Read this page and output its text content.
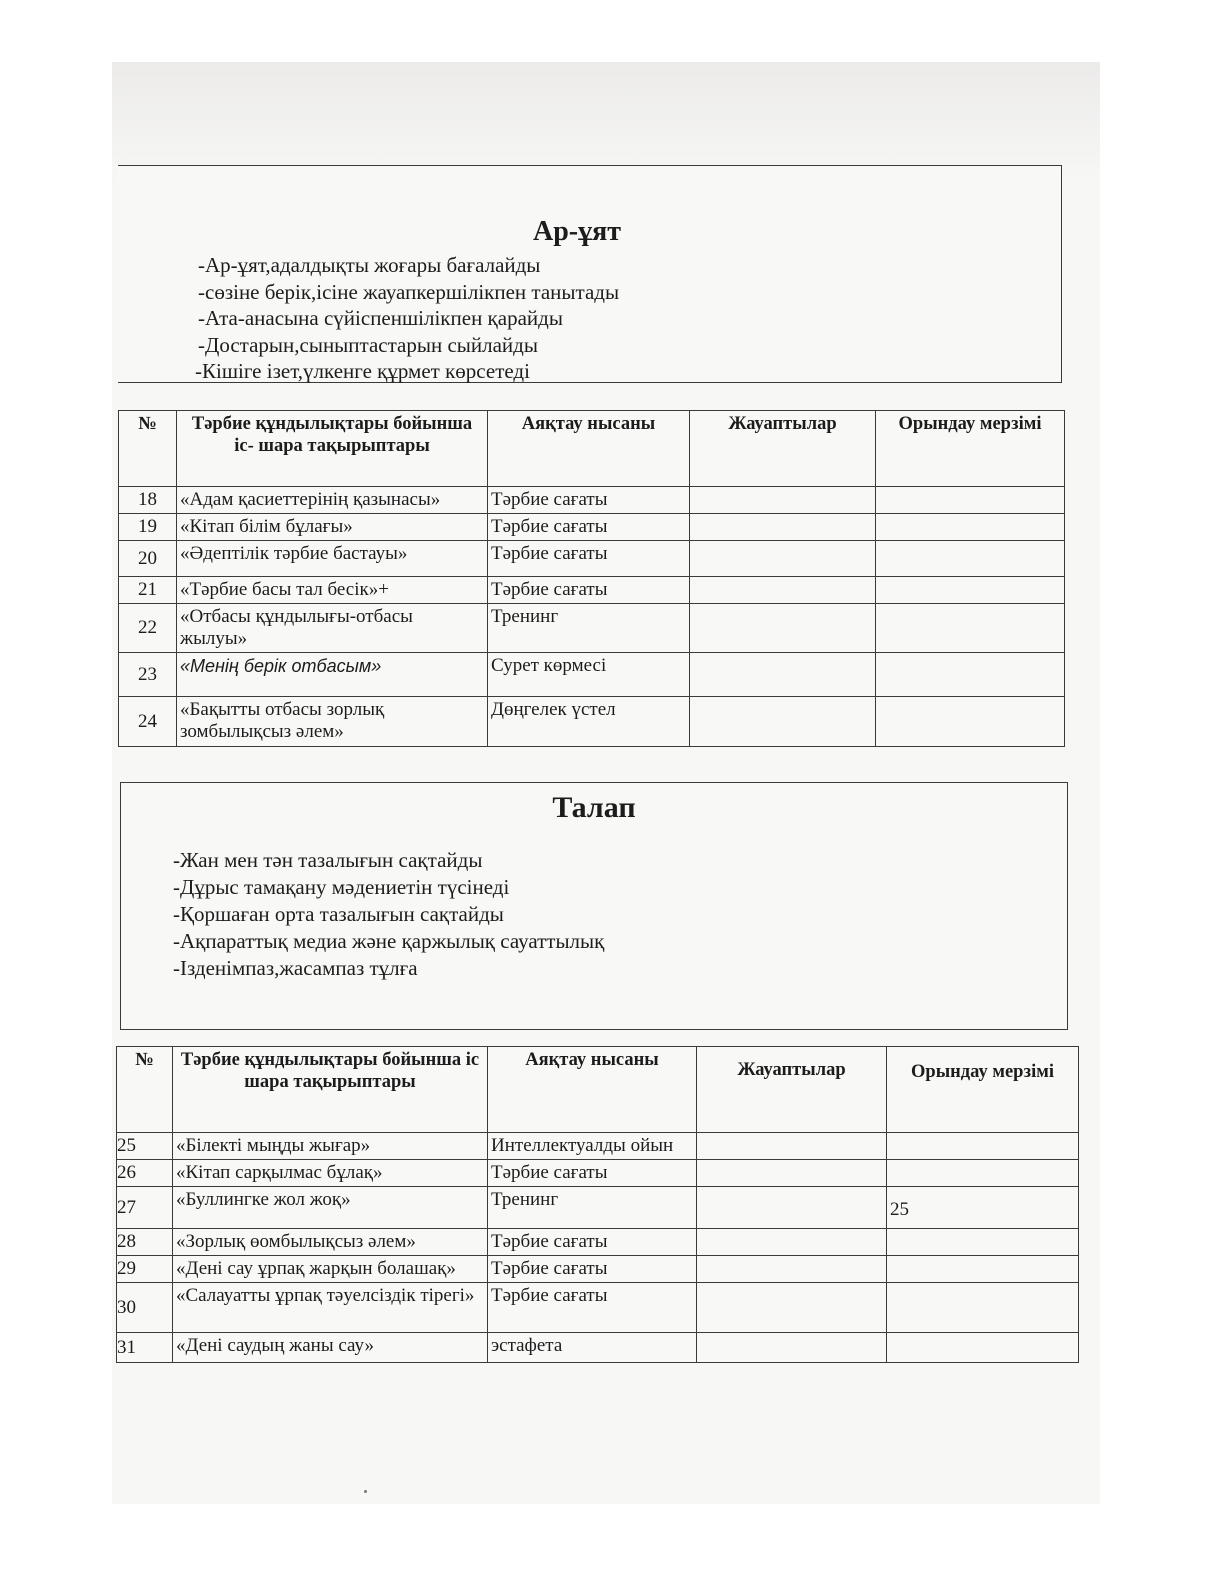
Ар-ұят
-Ар-ұят,адалдықты жоғары бағалайды
-сөзіне берік,ісіне жауапкершілікпен танытады
-Ата-анасына сүйіспеншілікпен қарайды
-Достарын,сыныптастарын сыйлайды
-Кішіге ізет,үлкенге құрмет көрсетеді
№	Тәрбие құндылықтары бойынша іс- шара тақырыптары	Аяқтау нысаны	Жауаптылар	Орындау мерзімі
18	«Адам қасиеттерінің қазынасы»	Тәрбие сағаты		
19	«Кітап білім бұлағы»	Тәрбие сағаты		
20	«Әдептілік тәрбие бастауы»	Тәрбие сағаты		
21	«Тәрбие басы тал бесік»+	Тәрбие сағаты		
22	«Отбасы құндылығы-отбасы жылуы»	Тренинг		
23	«Менің берік отбасым»	Сурет көрмесі		
24	«Бақытты отбасы зорлық зомбылықсыз әлем»	Дөңгелек үстел		
Талап
-Жан мен тән тазалығын сақтайды
-Дұрыс тамақану мәдениетін түсінеді
-Қоршаған орта тазалығын сақтайды
-Ақпараттық медиа және қаржылық сауаттылық
-Ізденімпаз,жасампаз тұлға
№	Тәрбие құндылықтары бойынша іс шара тақырыптары	Аяқтау нысаны	Жауаптылар	Орындау мерзімі
25	«Білекті мыңды жығар»	Интеллектуалды ойын		
26	«Кітап сарқылмас бұлақ»	Тәрбие сағаты		
27	«Буллингке жол жоқ»	Тренинг		25
28	«Зорлық өомбылықсыз әлем»	Тәрбие сағаты		
29	«Дені сау ұрпақ жарқын болашақ»	Тәрбие сағаты		
30	«Салауатты ұрпақ тәуелсіздік тірегі»	Тәрбие сағаты		
31	«Дені саудың жаны сау»	эстафета		
